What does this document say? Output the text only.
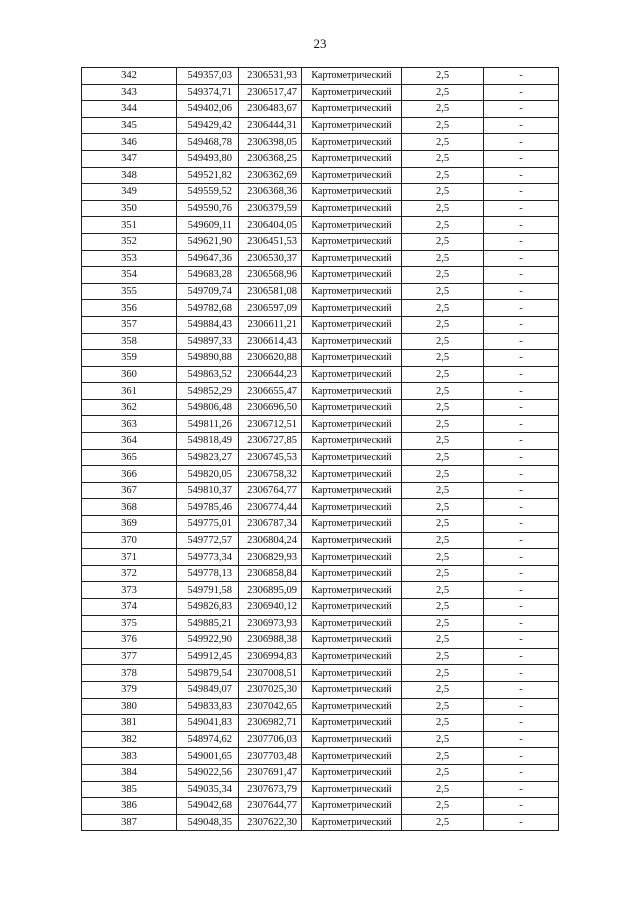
23
342	549357,03	2306531,93	Картометрический	2,5	-
343	549374,71	2306517,47	Картометрический	2,5	-
344	549402,06	2306483,67	Картометрический	2,5	-
345	549429,42	2306444,31	Картометрический	2,5	-
346	549468,78	2306398,05	Картометрический	2,5	-
347	549493,80	2306368,25	Картометрический	2,5	-
348	549521,82	2306362,69	Картометрический	2,5	-
349	549559,52	2306368,36	Картометрический	2,5	-
350	549590,76	2306379,59	Картометрический	2,5	-
351	549609,11	2306404,05	Картометрический	2,5	-
352	549621,90	2306451,53	Картометрический	2,5	-
353	549647,36	2306530,37	Картометрический	2,5	-
354	549683,28	2306568,96	Картометрический	2,5	-
355	549709,74	2306581,08	Картометрический	2,5	-
356	549782,68	2306597,09	Картометрический	2,5	-
357	549884,43	2306611,21	Картометрический	2,5	-
358	549897,33	2306614,43	Картометрический	2,5	-
359	549890,88	2306620,88	Картометрический	2,5	-
360	549863,52	2306644,23	Картометрический	2,5	-
361	549852,29	2306655,47	Картометрический	2,5	-
362	549806,48	2306696,50	Картометрический	2,5	-
363	549811,26	2306712,51	Картометрический	2,5	-
364	549818,49	2306727,85	Картометрический	2,5	-
365	549823,27	2306745,53	Картометрический	2,5	-
366	549820,05	2306758,32	Картометрический	2,5	-
367	549810,37	2306764,77	Картометрический	2,5	-
368	549785,46	2306774,44	Картометрический	2,5	-
369	549775,01	2306787,34	Картометрический	2,5	-
370	549772,57	2306804,24	Картометрический	2,5	-
371	549773,34	2306829,93	Картометрический	2,5	-
372	549778,13	2306858,84	Картометрический	2,5	-
373	549791,58	2306895,09	Картометрический	2,5	-
374	549826,83	2306940,12	Картометрический	2,5	-
375	549885,21	2306973,93	Картометрический	2,5	-
376	549922,90	2306988,38	Картометрический	2,5	-
377	549912,45	2306994,83	Картометрический	2,5	-
378	549879,54	2307008,51	Картометрический	2,5	-
379	549849,07	2307025,30	Картометрический	2,5	-
380	549833,83	2307042,65	Картометрический	2,5	-
381	549041,83	2306982,71	Картометрический	2,5	-
382	548974,62	2307706,03	Картометрический	2,5	-
383	549001,65	2307703,48	Картометрический	2,5	-
384	549022,56	2307691,47	Картометрический	2,5	-
385	549035,34	2307673,79	Картометрический	2,5	-
386	549042,68	2307644,77	Картометрический	2,5	-
387	549048,35	2307622,30	Картометрический	2,5	-
